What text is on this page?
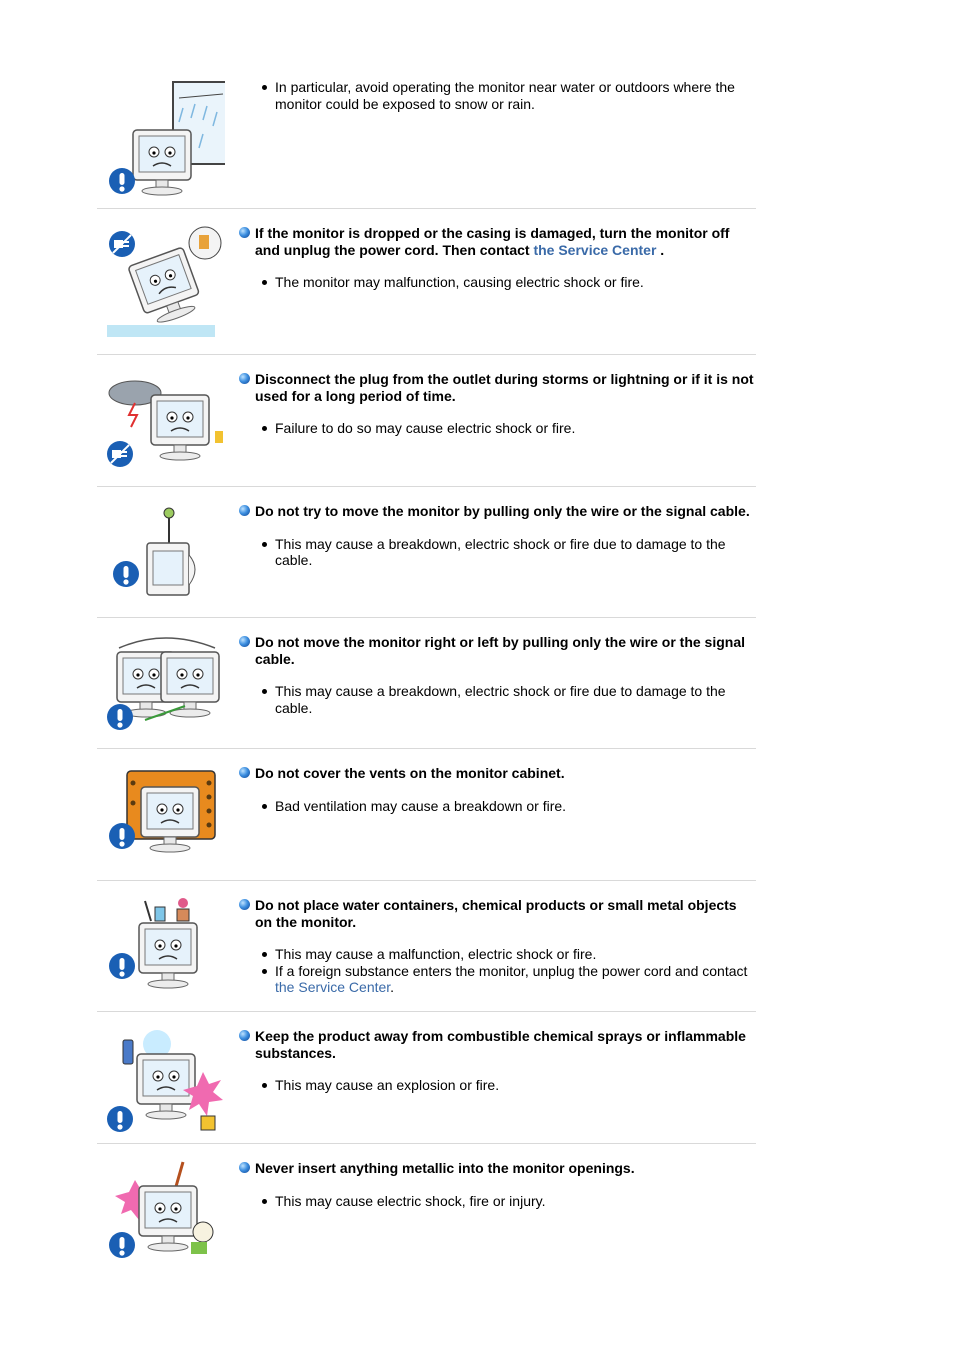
In particular, avoid operating the monitor near water or outdoors where the monitor could be exposed to snow or rain.
If the monitor is dropped or the casing is damaged, turn the monitor off and unplug the power cord. Then contact the Service Center .
The monitor may malfunction, causing electric shock or fire.
Disconnect the plug from the outlet during storms or lightning or if it is not used for a long period of time.
Failure to do so may cause electric shock or fire.
Do not try to move the monitor by pulling only the wire or the signal cable.
This may cause a breakdown, electric shock or fire due to damage to the cable.
Do not move the monitor right or left by pulling only the wire or the signal cable.
This may cause a breakdown, electric shock or fire due to damage to the cable.
Do not cover the vents on the monitor cabinet.
Bad ventilation may cause a breakdown or fire.
Do not place water containers, chemical products or small metal objects on the monitor.
This may cause a malfunction, electric shock or fire.
If a foreign substance enters the monitor, unplug the power cord and contact the Service Center.
Keep the product away from combustible chemical sprays or inflammable substances.
This may cause an explosion or fire.
Never insert anything metallic into the monitor openings.
This may cause electric shock, fire or injury.
